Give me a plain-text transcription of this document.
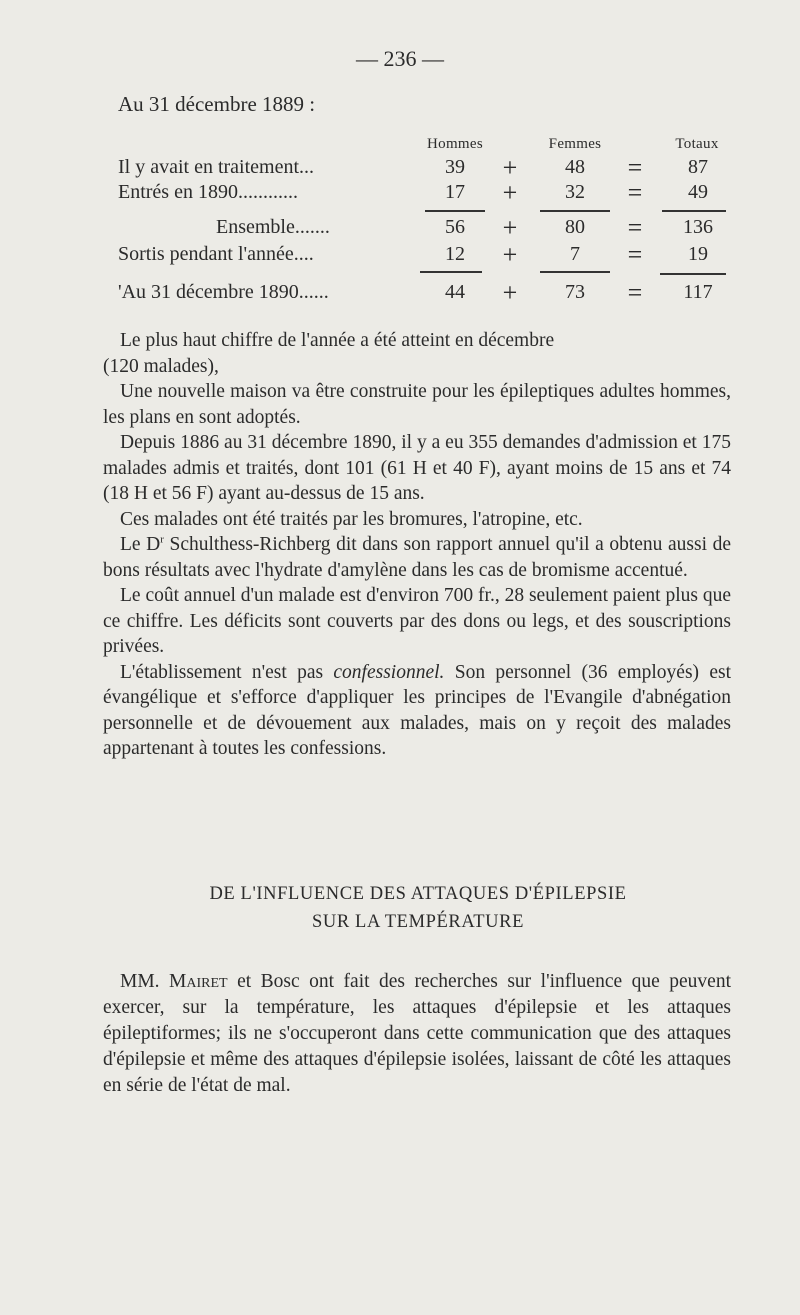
— 236 —
Au 31 décembre 1889 :
Hommes	Femmes	Totaux
Il y avait en traitement...	39	+	48	=	87
Entrés en 1890............	17	+	32	=	49
Ensemble.......	56	+	80	=	136
Sortis pendant l'année....	12	+	7	=	19
'Au 31 décembre 1890......	44	+	73	=	117

Le plus haut chiffre de l'année a été atteint en décembre

(120 malades),

Une nouvelle maison va être construite pour les épileptiques adultes hommes, les plans en sont adoptés.

Depuis 1886 au 31 décembre 1890, il y a eu 355 demandes d'admission et 175 malades admis et traités, dont 101 (61 H et 40 F), ayant moins de 15 ans et 74 (18 H et 56 F) ayant au-dessus de 15 ans.

Ces malades ont été traités par les bromures, l'atropine, etc.

Le $D^r$ Schulthess-Richberg dit dans son rapport annuel qu'il a obtenu aussi de bons résultats avec l'hydrate d'amylène dans les cas de bromisme accentué.

Le coût annuel d'un malade est d'environ 700 fr., 28 seulement paient plus que ce chiffre. Les déficits sont couverts par des dons ou legs, et des souscriptions privées.

L'établissement n'est pas confessionnel. Son personnel (36 employés) est évangélique et s'efforce d'appliquer les principes de l'Evangile d'abnégation personnelle et de dévouement aux malades, mais on y reçoit des malades appartenant à toutes les confessions.

DE L'INFLUENCE DES ATTAQUES D'ÉPILEPSIE
SUR LA TEMPÉRATURE

MM. Mairet et Bosc ont fait des recherches sur l'influence que peuvent exercer, sur la température, les attaques d'épilepsie et les attaques épileptiformes; ils ne s'occuperont dans cette communication que des attaques d'épilepsie et même des attaques d'épilepsie isolées, laissant de côté les attaques en série de l'état de mal.
